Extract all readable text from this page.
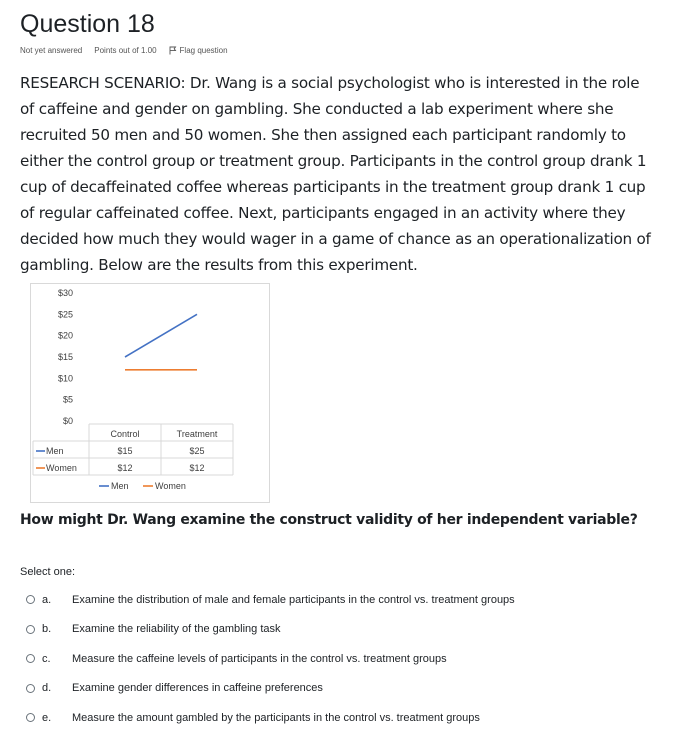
Question 18
Not yet answered Points out of 1.00	Flag question

RESEARCH SCENARIO: Dr. Wang is a social psychologist who is interested in the role of caffeine and gender on gambling. She conducted a lab experiment where she recruited 50 men and 50 women. She then assigned each participant randomly to either the control group or treatment group. Participants in the control group drank 1 cup of decaffeinated coffee whereas participants in the treatment group drank 1 cup of regular caffeinated coffee. Next, participants engaged in an activity where they decided how much they would wager in a game of chance as an operationalization of gambling. Below are the results from this experiment.

$30
$25
$20
$15
$10
$5
$0
Control	Treatment
Men	$15	$25
Women	$12	$12
Men	Women
How might Dr. Wang examine the construct validity of her independent variable?
Select one:
a.	Examine the distribution of male and female participants in the control vs. treatment groups
b.	Examine the reliability of the gambling task
c.	Measure the caffeine levels of participants in the control vs. treatment groups
d.	Examine gender differences in caffeine preferences
e.	Measure the amount gambled by the participants in the control vs. treatment groups
